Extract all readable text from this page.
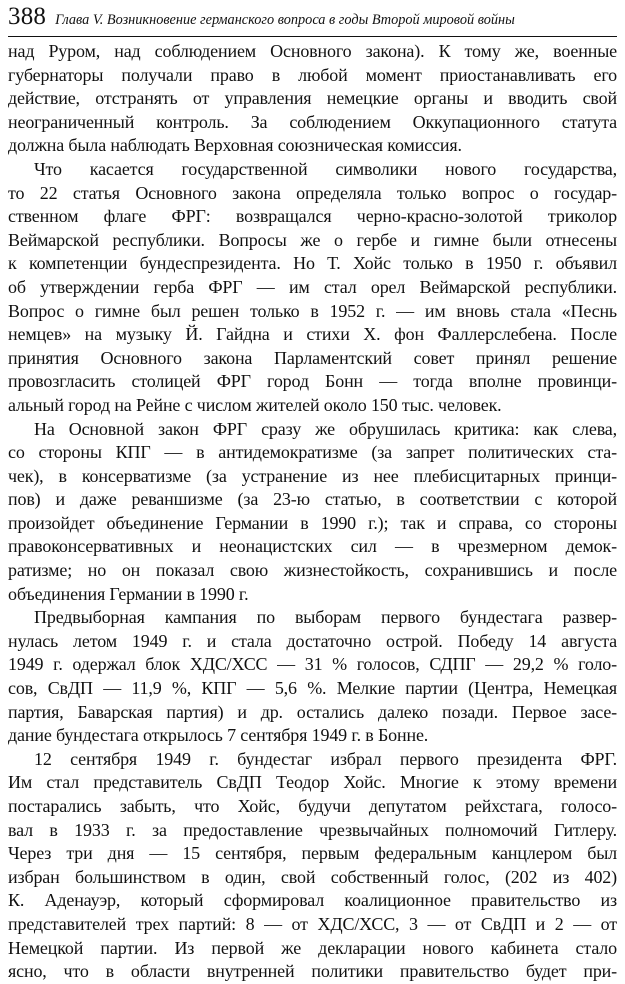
388 Глава V. Возникновение германского вопроса в годы Второй мировой войны
над Руром, над соблюдением Основного закона). К тому же, военные
губернаторы получали право в любой момент приостанавливать его
действие, отстранять от управления немецкие органы и вводить свой
неограниченный контроль. За соблюдением Оккупационного статута
должна была наблюдать Верховная союзническая комиссия.
Что касается государственной символики нового государства,
то 22 статья Основного закона определяла только вопрос о государ-
ственном флаге ФРГ: возвращался черно-красно-золотой триколор
Веймарской республики. Вопросы же о гербе и гимне были отнесены
к компетенции бундеспрезидента. Но Т. Хойс только в 1950 г. объявил
об утверждении герба ФРГ — им стал орел Веймарской республики.
Вопрос о гимне был решен только в 1952 г. — им вновь стала «Песнь
немцев» на музыку Й. Гайдна и стихи Х. фон Фаллерслебена. После
принятия Основного закона Парламентский совет принял решение
провозгласить столицей ФРГ город Бонн — тогда вполне провинци-
альный город на Рейне с числом жителей около 150 тыс. человек.
На Основной закон ФРГ сразу же обрушилась критика: как слева,
со стороны КПГ — в антидемократизме (за запрет политических ста-
чек), в консерватизме (за устранение из нее плебисцитарных принци-
пов) и даже реваншизме (за 23-ю статью, в соответствии с которой
произойдет объединение Германии в 1990 г.); так и справа, со стороны
правоконсервативных и неонацистских сил — в чрезмерном демок-
ратизме; но он показал свою жизнестойкость, сохранившись и после
объединения Германии в 1990 г.
Предвыборная кампания по выборам первого бундестага развер-
нулась летом 1949 г. и стала достаточно острой. Победу 14 августа
1949 г. одержал блок ХДС/ХСС — 31 % голосов, СДПГ — 29,2 % голо-
сов, СвДП — 11,9 %, КПГ — 5,6 %. Мелкие партии (Центра, Немецкая
партия, Баварская партия) и др. остались далеко позади. Первое засе-
дание бундестага открылось 7 сентября 1949 г. в Бонне.
12 сентября 1949 г. бундестаг избрал первого президента ФРГ.
Им стал представитель СвДП Теодор Хойс. Многие к этому времени
постарались забыть, что Хойс, будучи депутатом рейхстага, голосо-
вал в 1933 г. за предоставление чрезвычайных полномочий Гитлеру.
Через три дня — 15 сентября, первым федеральным канцлером был
избран большинством в один, свой собственный голос, (202 из 402)
К. Аденауэр, который сформировал коалиционное правительство из
представителей трех партий: 8 — от ХДС/ХСС, 3 — от СвДП и 2 — от
Немецкой партии. Из первой же декларации нового кабинета стало
ясно, что в области внутренней политики правительство будет при-
